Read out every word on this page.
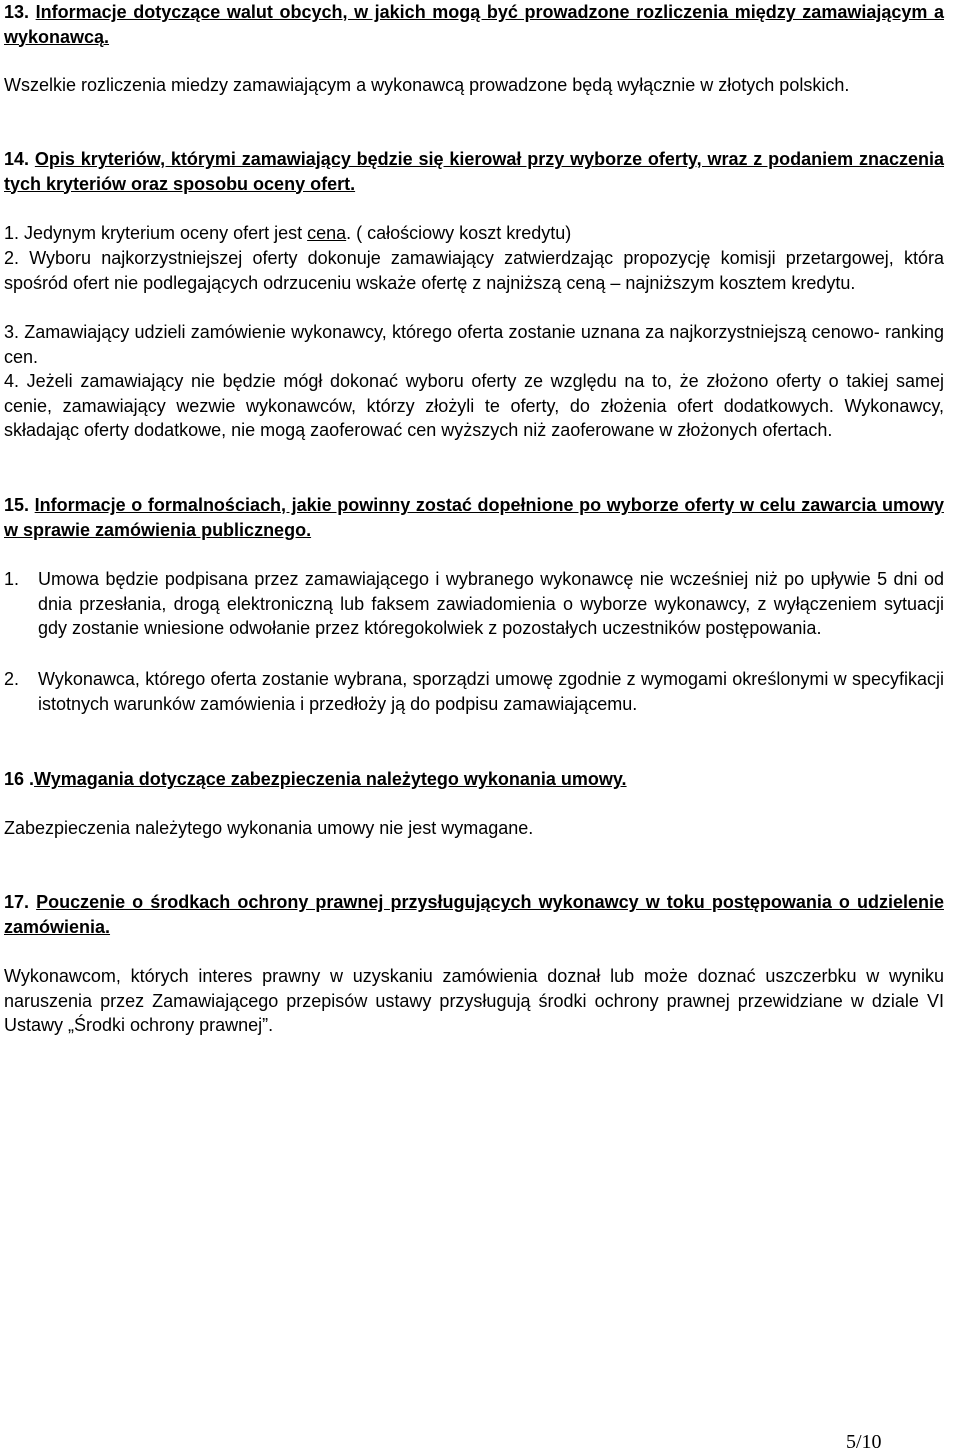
13. Informacje dotyczące walut obcych, w jakich mogą być prowadzone rozliczenia między zamawiającym a wykonawcą.

Wszelkie rozliczenia miedzy zamawiającym a wykonawcą prowadzone będą wyłącznie w złotych polskich.

14. Opis kryteriów, którymi zamawiający będzie się kierował przy wyborze oferty, wraz z podaniem znaczenia tych kryteriów oraz sposobu oceny ofert.

1. Jedynym kryterium oceny ofert jest cena. ( całościowy koszt kredytu)

2. Wyboru najkorzystniejszej oferty dokonuje zamawiający zatwierdzając propozycję komisji przetargowej, która spośród ofert nie podlegających odrzuceniu wskaże ofertę z najniższą ceną – najniższym kosztem kredytu.

3. Zamawiający udzieli zamówienie wykonawcy, którego oferta zostanie uznana za najkorzystniejszą cenowo- ranking cen.

4. Jeżeli zamawiający nie będzie mógł dokonać wyboru oferty ze względu na to, że złożono oferty o takiej samej cenie, zamawiający wezwie wykonawców, którzy złożyli te oferty, do złożenia ofert dodatkowych. Wykonawcy, składając oferty dodatkowe, nie mogą zaoferować cen wyższych niż zaoferowane w złożonych ofertach.

15. Informacje o formalnościach, jakie powinny zostać dopełnione po wyborze oferty w celu zawarcia umowy w sprawie zamówienia publicznego.

1. Umowa będzie podpisana przez zamawiającego i wybranego wykonawcę nie wcześniej niż po upływie 5 dni od dnia przesłania, drogą elektroniczną lub faksem zawiadomienia o wyborze wykonawcy, z wyłączeniem sytuacji gdy zostanie wniesione odwołanie przez któregokolwiek z pozostałych uczestników postępowania.
2. Wykonawca, którego oferta zostanie wybrana, sporządzi umowę zgodnie z wymogami określonymi w specyfikacji istotnych warunków zamówienia i przedłoży ją do podpisu zamawiającemu.

16 .Wymagania dotyczące zabezpieczenia należytego wykonania umowy.

Zabezpieczenia należytego wykonania umowy nie jest wymagane.

17. Pouczenie o środkach ochrony prawnej przysługujących wykonawcy w toku postępowania o udzielenie zamówienia.

Wykonawcom, których interes prawny w uzyskaniu zamówienia doznał lub może doznać uszczerbku w wyniku naruszenia przez Zamawiającego przepisów ustawy przysługują środki ochrony prawnej przewidziane w dziale VI Ustawy „Środki ochrony prawnej”.

5/10
